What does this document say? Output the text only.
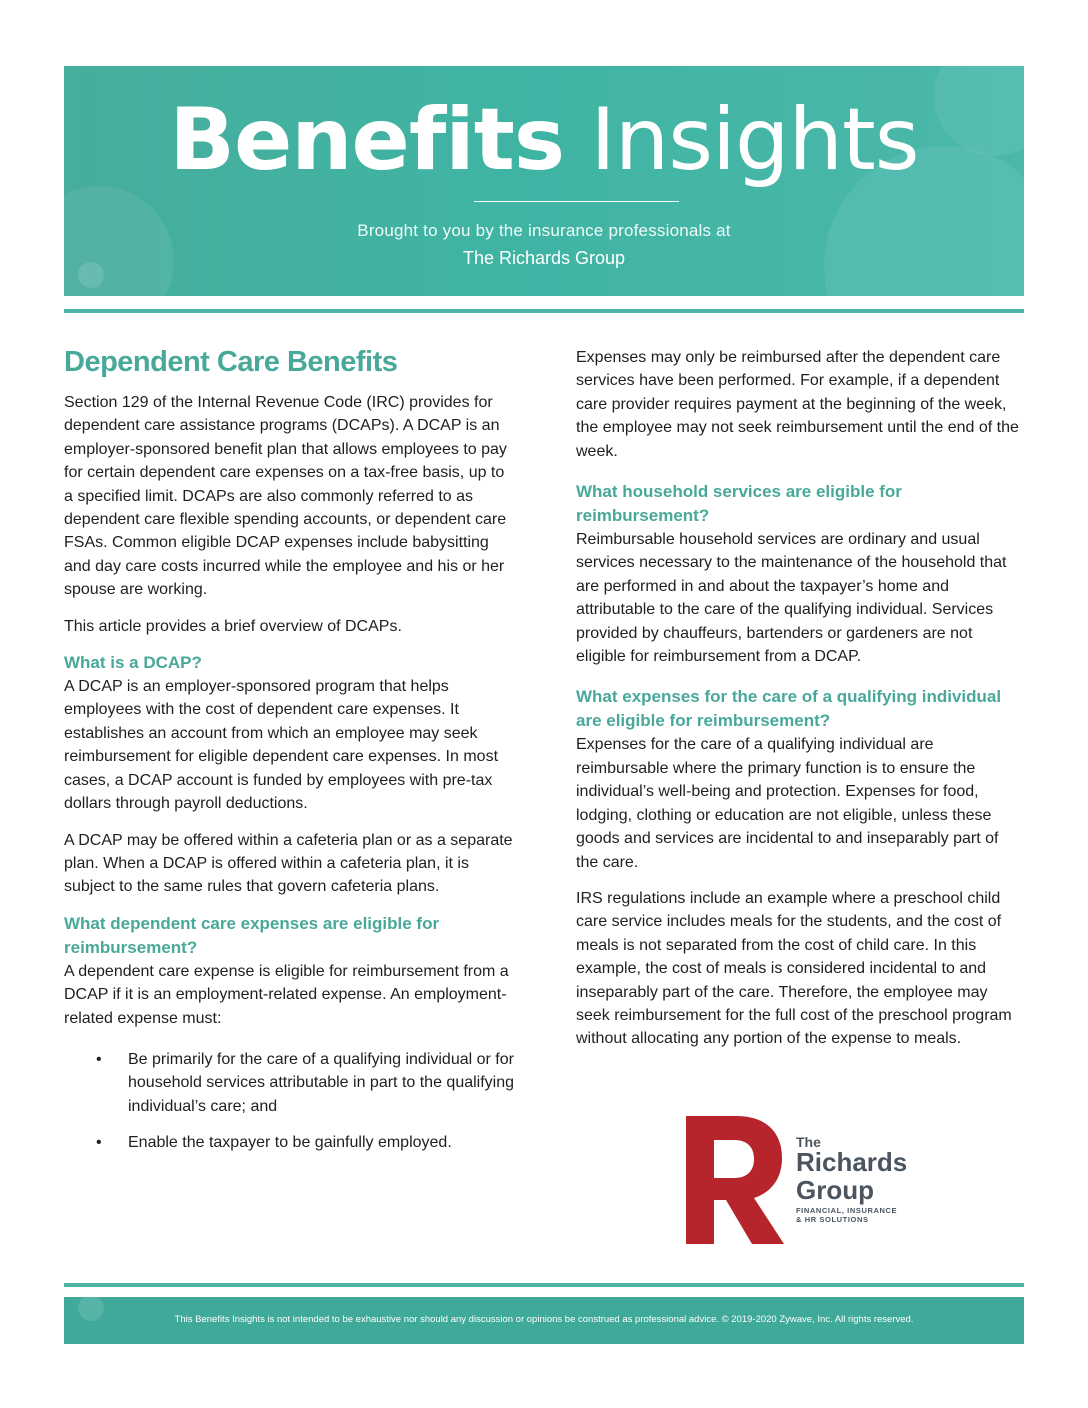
Benefits Insights
Brought to you by the insurance professionals at
The Richards Group
Dependent Care Benefits

Section 129 of the Internal Revenue Code (IRC) provides for dependent care assistance programs (DCAPs). A DCAP is an employer-sponsored benefit plan that allows employees to pay for certain dependent care expenses on a tax-free basis, up to a specified limit. DCAPs are also commonly referred to as dependent care flexible spending accounts, or dependent care FSAs. Common eligible DCAP expenses include babysitting and day care costs incurred while the employee and his or her spouse are working.

This article provides a brief overview of DCAPs.

What is a DCAP?

A DCAP is an employer-sponsored program that helps employees with the cost of dependent care expenses. It establishes an account from which an employee may seek reimbursement for eligible dependent care expenses. In most cases, a DCAP account is funded by employees with pre-tax dollars through payroll deductions.

A DCAP may be offered within a cafeteria plan or as a separate plan. When a DCAP is offered within a cafeteria plan, it is subject to the same rules that govern cafeteria plans.

What dependent care expenses are eligible for reimbursement?

A dependent care expense is eligible for reimbursement from a DCAP if it is an employment-related expense. An employment-related expense must:

• Be primarily for the care of a qualifying individual or for household services attributable in part to the qualifying individual’s care; and
• Enable the taxpayer to be gainfully employed.

Expenses may only be reimbursed after the dependent care services have been performed. For example, if a dependent care provider requires payment at the beginning of the week, the employee may not seek reimbursement until the end of the week.

What household services are eligible for reimbursement?

Reimbursable household services are ordinary and usual services necessary to the maintenance of the household that are performed in and about the taxpayer’s home and attributable to the care of the qualifying individual. Services provided by chauffeurs, bartenders or gardeners are not eligible for reimbursement from a DCAP.

What expenses for the care of a qualifying individual are eligible for reimbursement?

Expenses for the care of a qualifying individual are reimbursable where the primary function is to ensure the individual’s well-being and protection. Expenses for food, lodging, clothing or education are not eligible, unless these goods and services are incidental to and inseparably part of the care.

IRS regulations include an example where a preschool child care service includes meals for the students, and the cost of meals is not separated from the cost of child care. In this example, the cost of meals is considered incidental to and inseparably part of the care. Therefore, the employee may seek reimbursement for the full cost of the preschool program without allocating any portion of the expense to meals.

The
Richards
Group
FINANCIAL, INSURANCE
& HR SOLUTIONS
This Benefits Insights is not intended to be exhaustive nor should any discussion or opinions be construed as professional advice. © 2019-2020 Zywave, Inc. All rights reserved.
